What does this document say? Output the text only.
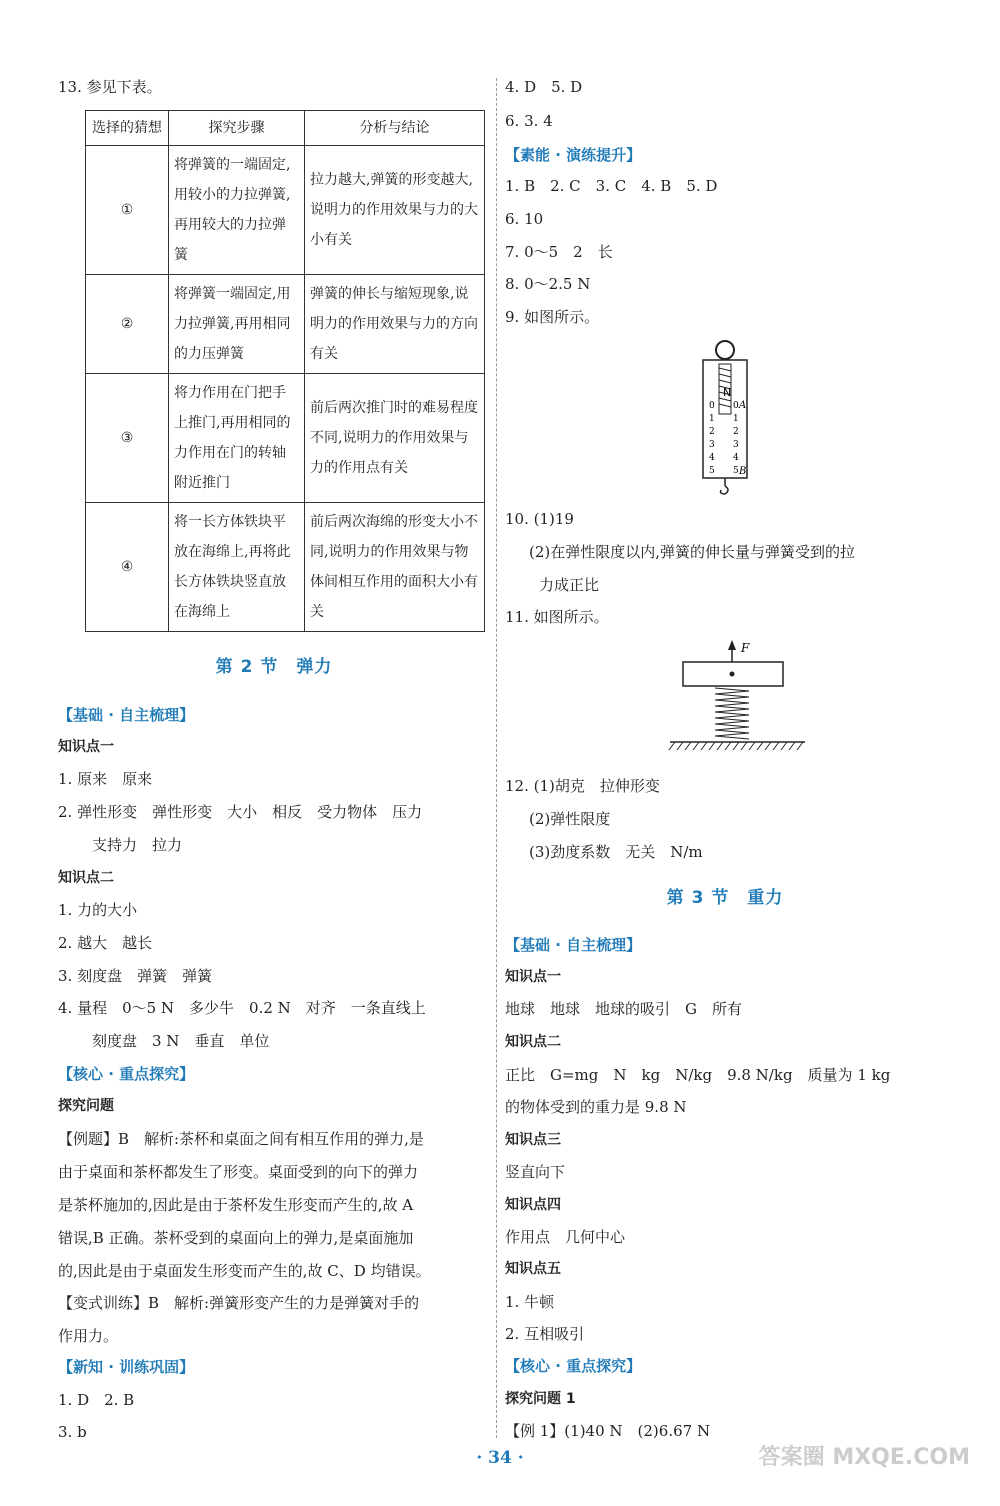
13. 参见下表。
选择的猜想	探究步骤	分析与结论
①	将弹簧的一端固定,用较小的力拉弹簧,再用较大的力拉弹簧	拉力越大,弹簧的形变越大,说明力的作用效果与力的大小有关
②	将弹簧一端固定,用力拉弹簧,再用相同的力压弹簧	弹簧的伸长与缩短现象,说明力的作用效果与力的方向有关
③	将力作用在门把手上推门,再用相同的力作用在门的转轴附近推门	前后两次推门时的难易程度不同,说明力的作用效果与力的作用点有关
④	将一长方体铁块平放在海绵上,再将此长方体铁块竖直放在海绵上	前后两次海绵的形变大小不同,说明力的作用效果与物体间相互作用的面积大小有关
第 2 节　弹力
【基础 · 自主梳理】
知识点一
1. 原来　原来
2. 弹性形变　弹性形变　大小　相反　受力物体　压力
支持力　拉力
知识点二
1. 力的大小
2. 越大　越长
3. 刻度盘　弹簧　弹簧
4. 量程　0～5 N　多少牛　0.2 N　对齐　一条直线上
刻度盘　3 N　垂直　单位
【核心 · 重点探究】
探究问题
【例题】B　解析:茶杯和桌面之间有相互作用的弹力,是
由于桌面和茶杯都发生了形变。桌面受到的向下的弹力
是茶杯施加的,因此是由于茶杯发生形变而产生的,故 A
错误,B 正确。茶杯受到的桌面向上的弹力,是桌面施加
的,因此是由于桌面发生形变而产生的,故 C、D 均错误。
【变式训练】B　解析:弹簧形变产生的力是弹簧对手的
作用力。
【新知 · 训练巩固】
1. D　2. B
3. b
4. D　5. D
6. 3. 4
【素能 · 演练提升】
1. B　2. C　3. C　4. B　5. D
6. 10
7. 0～5　2　长
8. 0～2.5 N
9. 如图所示。
N
0
1
2
3
4
5
0
1
2
3
4
5
A
B
10. (1)19
(2)在弹性限度以内,弹簧的伸长量与弹簧受到的拉
力成正比
11. 如图所示。
F
12. (1)胡克　拉伸形变
(2)弹性限度
(3)劲度系数　无关　N/m
第 3 节　重力
【基础 · 自主梳理】
知识点一
地球　地球　地球的吸引　G　所有
知识点二
正比　G=mg　N　kg　N/kg　9.8 N/kg　质量为 1 kg
的物体受到的重力是 9.8 N
知识点三
竖直向下
知识点四
作用点　几何中心
知识点五
1. 牛顿
2. 互相吸引
【核心 · 重点探究】
探究问题 1
【例 1】(1)40 N　(2)6.67 N
· 34 ·	答案圈 MXQE.COM
